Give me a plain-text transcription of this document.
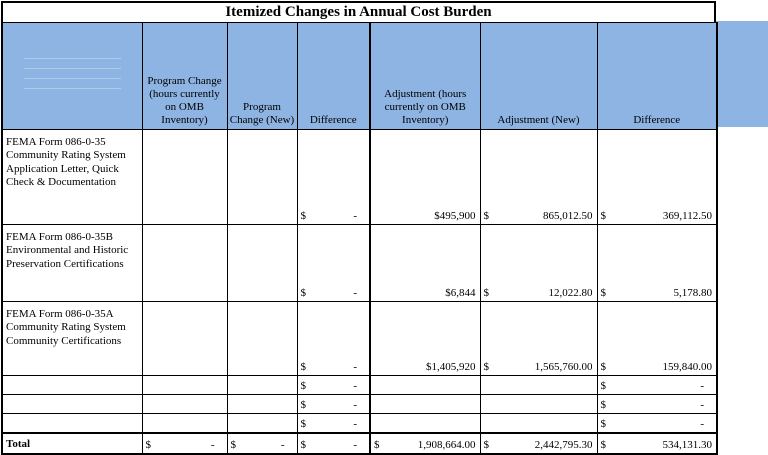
Itemized Changes in Annual Cost Burden
	Program Change (hours currently on OMB Inventory)	Program Change (New)	Difference	Adjustment (hours currently on OMB Inventory)	Adjustment (New)	Difference
FEMA Form 086-0-35 Community Rating System Application Letter, Quick Check & Documentation			$ -	$495,900	$ 865,012.50	$ 369,112.50

FEMA Form 086-0-35B Environmental and Historic Preservation Certifications			$ -	$6,844	$ 12,022.80	$ 5,178.80

FEMA Form 086-0-35A Community Rating System Community Certifications			$ -	$1,405,920	$ 1,565,760.00	$ 159,840.00

			$ -			$ -

			$ -			$ -

			$ -			$ -

Total	$ -	$ -	$ -	$ 1,908,664.00	$ 2,442,795.30	$ 534,131.30
